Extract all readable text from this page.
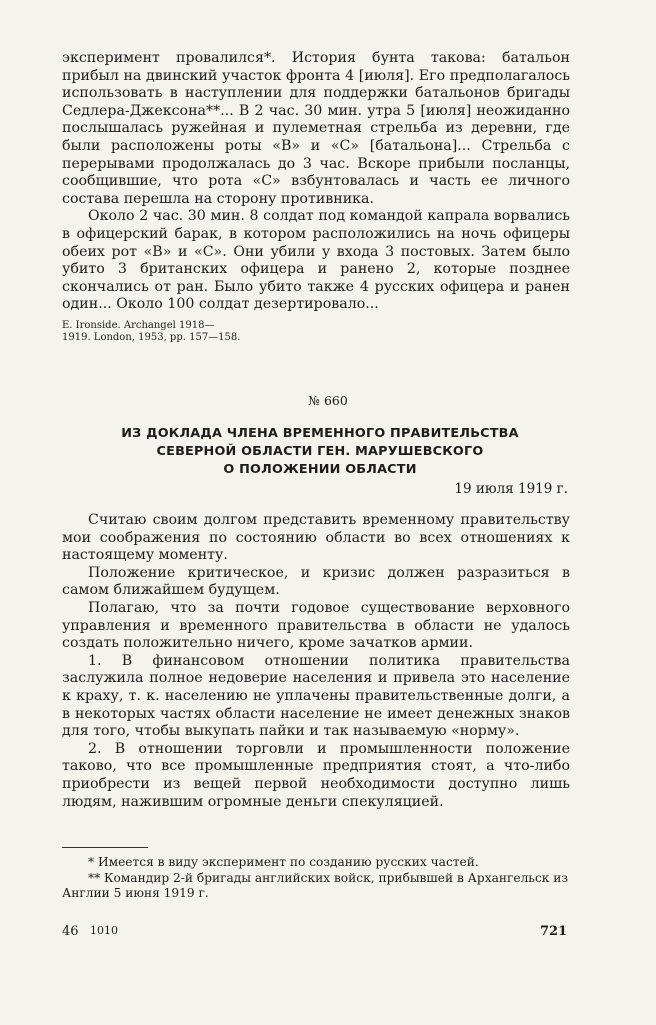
эксперимент провалился*. История бунта такова: батальон прибыл на двинский участок фронта 4 [июля]. Его предполагалось использовать в наступлении для поддержки батальонов бригады Седлера-Джексона**... В 2 час. 30 мин. утра 5 [июля] неожиданно послышалась ружейная и пулеметная стрельба из деревни, где были расположены роты «В» и «С» [батальона]... Стрельба с перерывами продолжалась до 3 час. Вскоре прибыли посланцы, сообщившие, что рота «С» взбунтовалась и часть ее личного состава перешла на сторону противника.

Около 2 час. 30 мин. 8 солдат под командой капрала ворвались в офицерский барак, в котором расположились на ночь офицеры обеих рот «В» и «С». Они убили у входа 3 постовых. Затем было убито 3 британских офицера и ранено 2, которые позднее скончались от ран. Было убито также 4 русских офицера и ранен один... Около 100 солдат дезертировало...

E. Ironside. Archangel 1918—
1919. London, 1953, pp. 157—158.

№ 660
ИЗ ДОКЛАДА ЧЛЕНА ВРЕМЕННОГО ПРАВИТЕЛЬСТВА
СЕВЕРНОЙ ОБЛАСТИ ГЕН. МАРУШЕВСКОГО
О ПОЛОЖЕНИИ ОБЛАСТИ
19 июля 1919 г.

Считаю своим долгом представить временному правительству мои соображения по состоянию области во всех отношениях к настоящему моменту.

Положение критическое, и кризис должен разразиться в самом ближайшем будущем.

Полагаю, что за почти годовое существование верховного управления и временного правительства в области не удалось создать положительно ничего, кроме зачатков армии.

1. В финансовом отношении политика правительства заслужила полное недоверие населения и привела это население к краху, т. к. населению не уплачены правительственные долги, а в некоторых частях области население не имеет денежных знаков для того, чтобы выкупать пайки и так называемую «норму».

2. В отношении торговли и промышленности положение таково, что все промышленные предприятия стоят, а что-либо приобрести из вещей первой необходимости доступно лишь людям, нажившим огромные деньги спекуляцией.

* Имеется в виду эксперимент по созданию русских частей.

** Командир 2-й бригады английских войск, прибывшей в Архангельск из Англии 5 июня 1919 г.

46 1010	721
